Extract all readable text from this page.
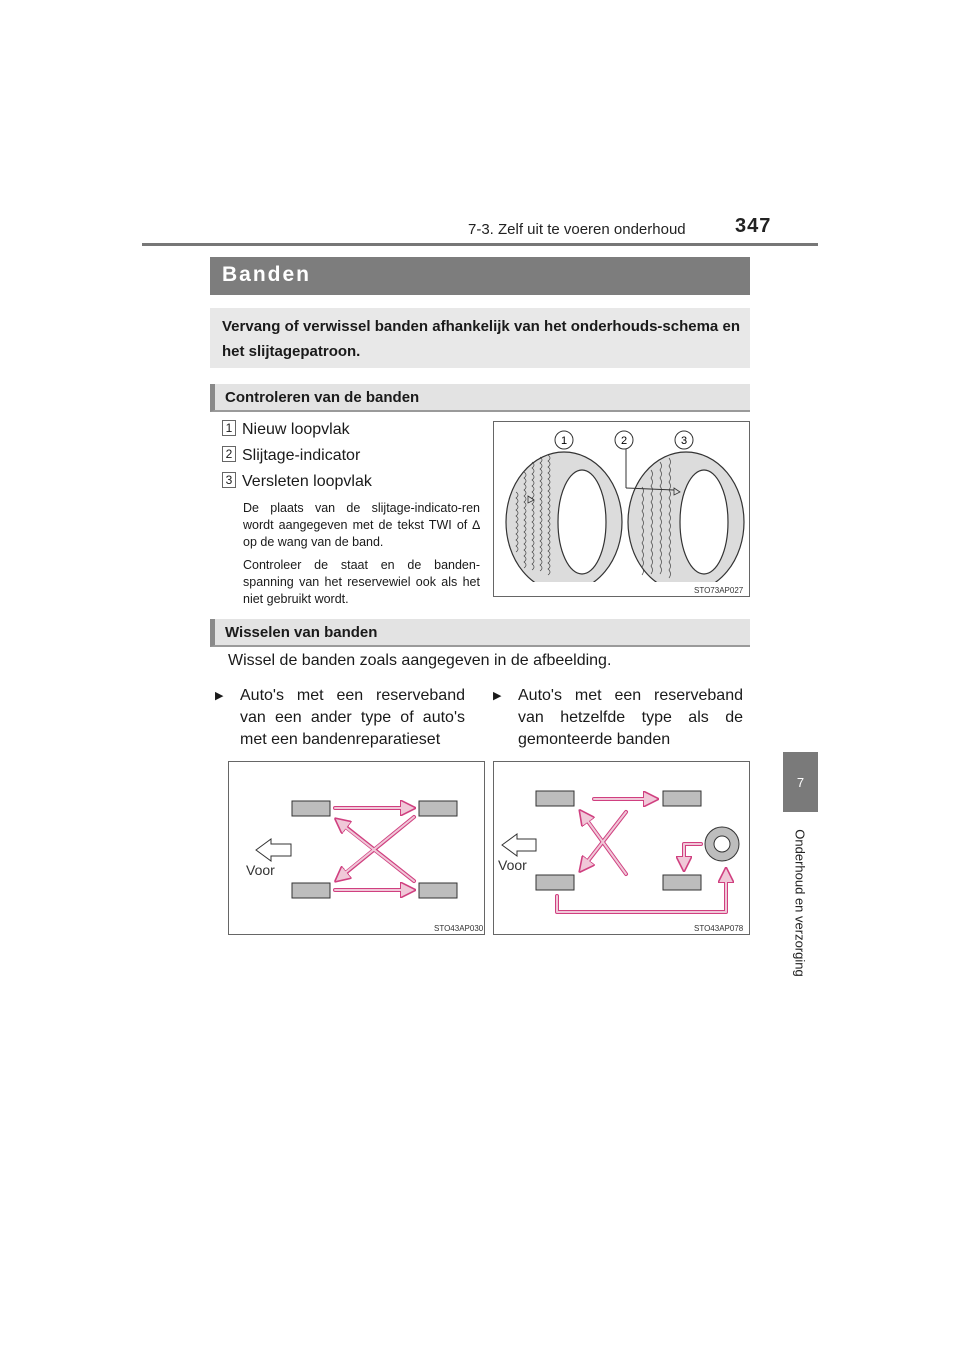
7-3. Zelf uit te voeren onderhoud 347
7
Onderhoud en verzorging
Banden
Vervang of verwissel banden afhankelijk van het onderhouds-schema en het slijtagepatroon.
Controleren van de banden
1 Nieuw loopvlak
2 Slijtage-indicator
3 Versleten loopvlak
De plaats van de slijtage-indicato-ren wordt aangegeven met de tekst TWI of ∆ op de wang van de band.
Controleer de staat en de banden-spanning van het reservewiel ook als het niet gebruikt wordt.
1	2	3
STO73AP027
Wisselen van banden
Wissel de banden zoals aangegeven in de afbeelding.
▶	Auto's met een reserveband van een ander type of auto's met een bandenreparatieset
▶	Auto's met een reserveband van hetzelfde type als de gemonteerde banden
Voor
STO43AP030
Voor
STO43AP078
